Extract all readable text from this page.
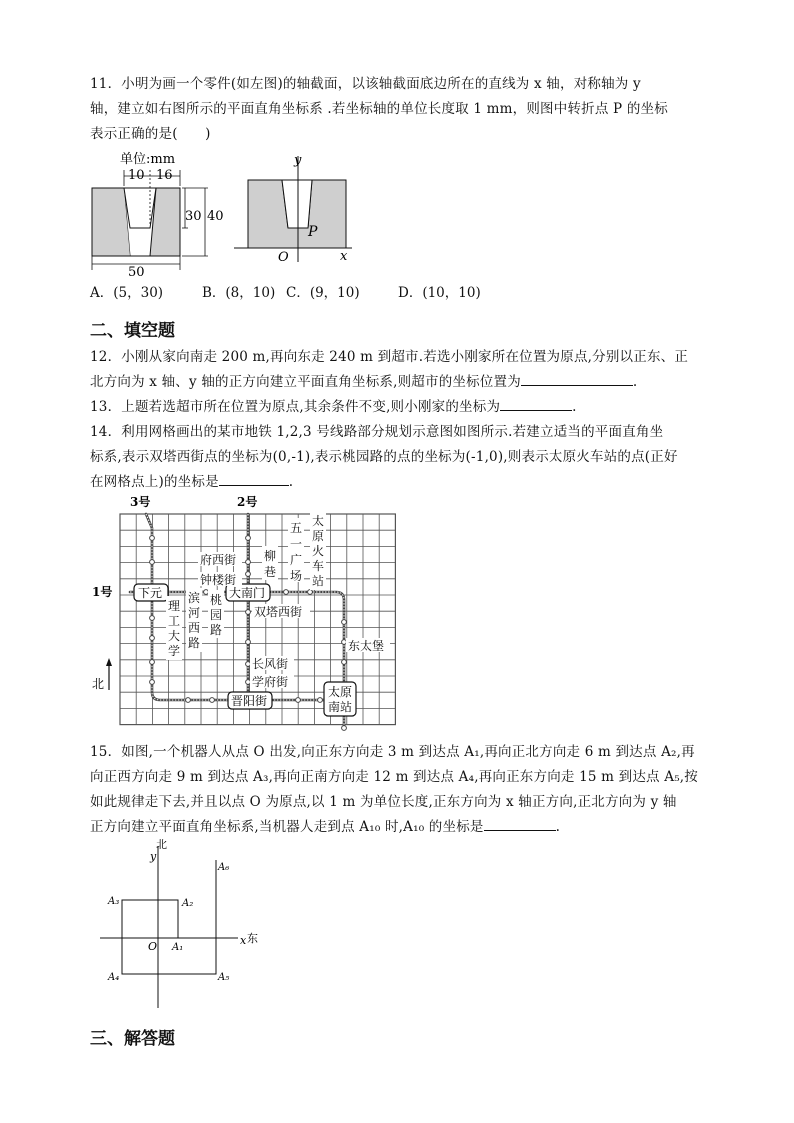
11．小明为画一个零件(如左图)的轴截面，以该轴截面底边所在的直线为 x 轴，对称轴为 y
轴，建立如右图所示的平面直角坐标系 .若坐标轴的单位长度取 1 mm，则图中转折点 P 的坐标
表示正确的是(　　)
单位:mm
10 16
30 40
50
y
x
O
P
A．(5，30)	B．(8，10) C．(9，10)	D．(10，10)
二、填空题
12．小刚从家向南走 200 m,再向东走 240 m 到超市.若选小刚家所在位置为原点,分别以正东、正
北方向为 x 轴、y 轴的正方向建立平面直角坐标系,则超市的坐标位置为	.
13．上题若选超市所在位置为原点,其余条件不变,则小刚家的坐标为	.
14．利用网格画出的某市地铁 1,2,3 号线路部分规划示意图如图所示.若建立适当的平面直角坐
标系,表示双塔西街点的坐标为(0,-1),表示桃园路的点的坐标为(-1,0),则表示太原火车站的点(正好
在网格点上)的坐标是	.
3号	2号
1号
北
下元	大南门
晋阳街
太原
南站
府西街
钟楼街
双塔西街
长风街
学府街
东太堡
理
工
大
学
滨
河
西
路
桃
园
路
柳
巷
五
一
广
场
太
原
火
车
站
15．如图,一个机器人从点 O 出发,向正东方向走 3 m 到达点 A₁,再向正北方向走 6 m 到达点 A₂,再
向正西方向走 9 m 到达点 A₃,再向正南方向走 12 m 到达点 A₄,再向正东方向走 15 m 到达点 A₅,按
如此规律走下去,并且以点 O 为原点,以 1 m 为单位长度,正东方向为 x 轴正方向,正北方向为 y 轴
正方向建立平面直角坐标系,当机器人走到点 A₁₀ 时,A₁₀ 的坐标是	.
北
y
x 东
O A₁
A₂
A₃
A₄	A₅
A₆
三、解答题
